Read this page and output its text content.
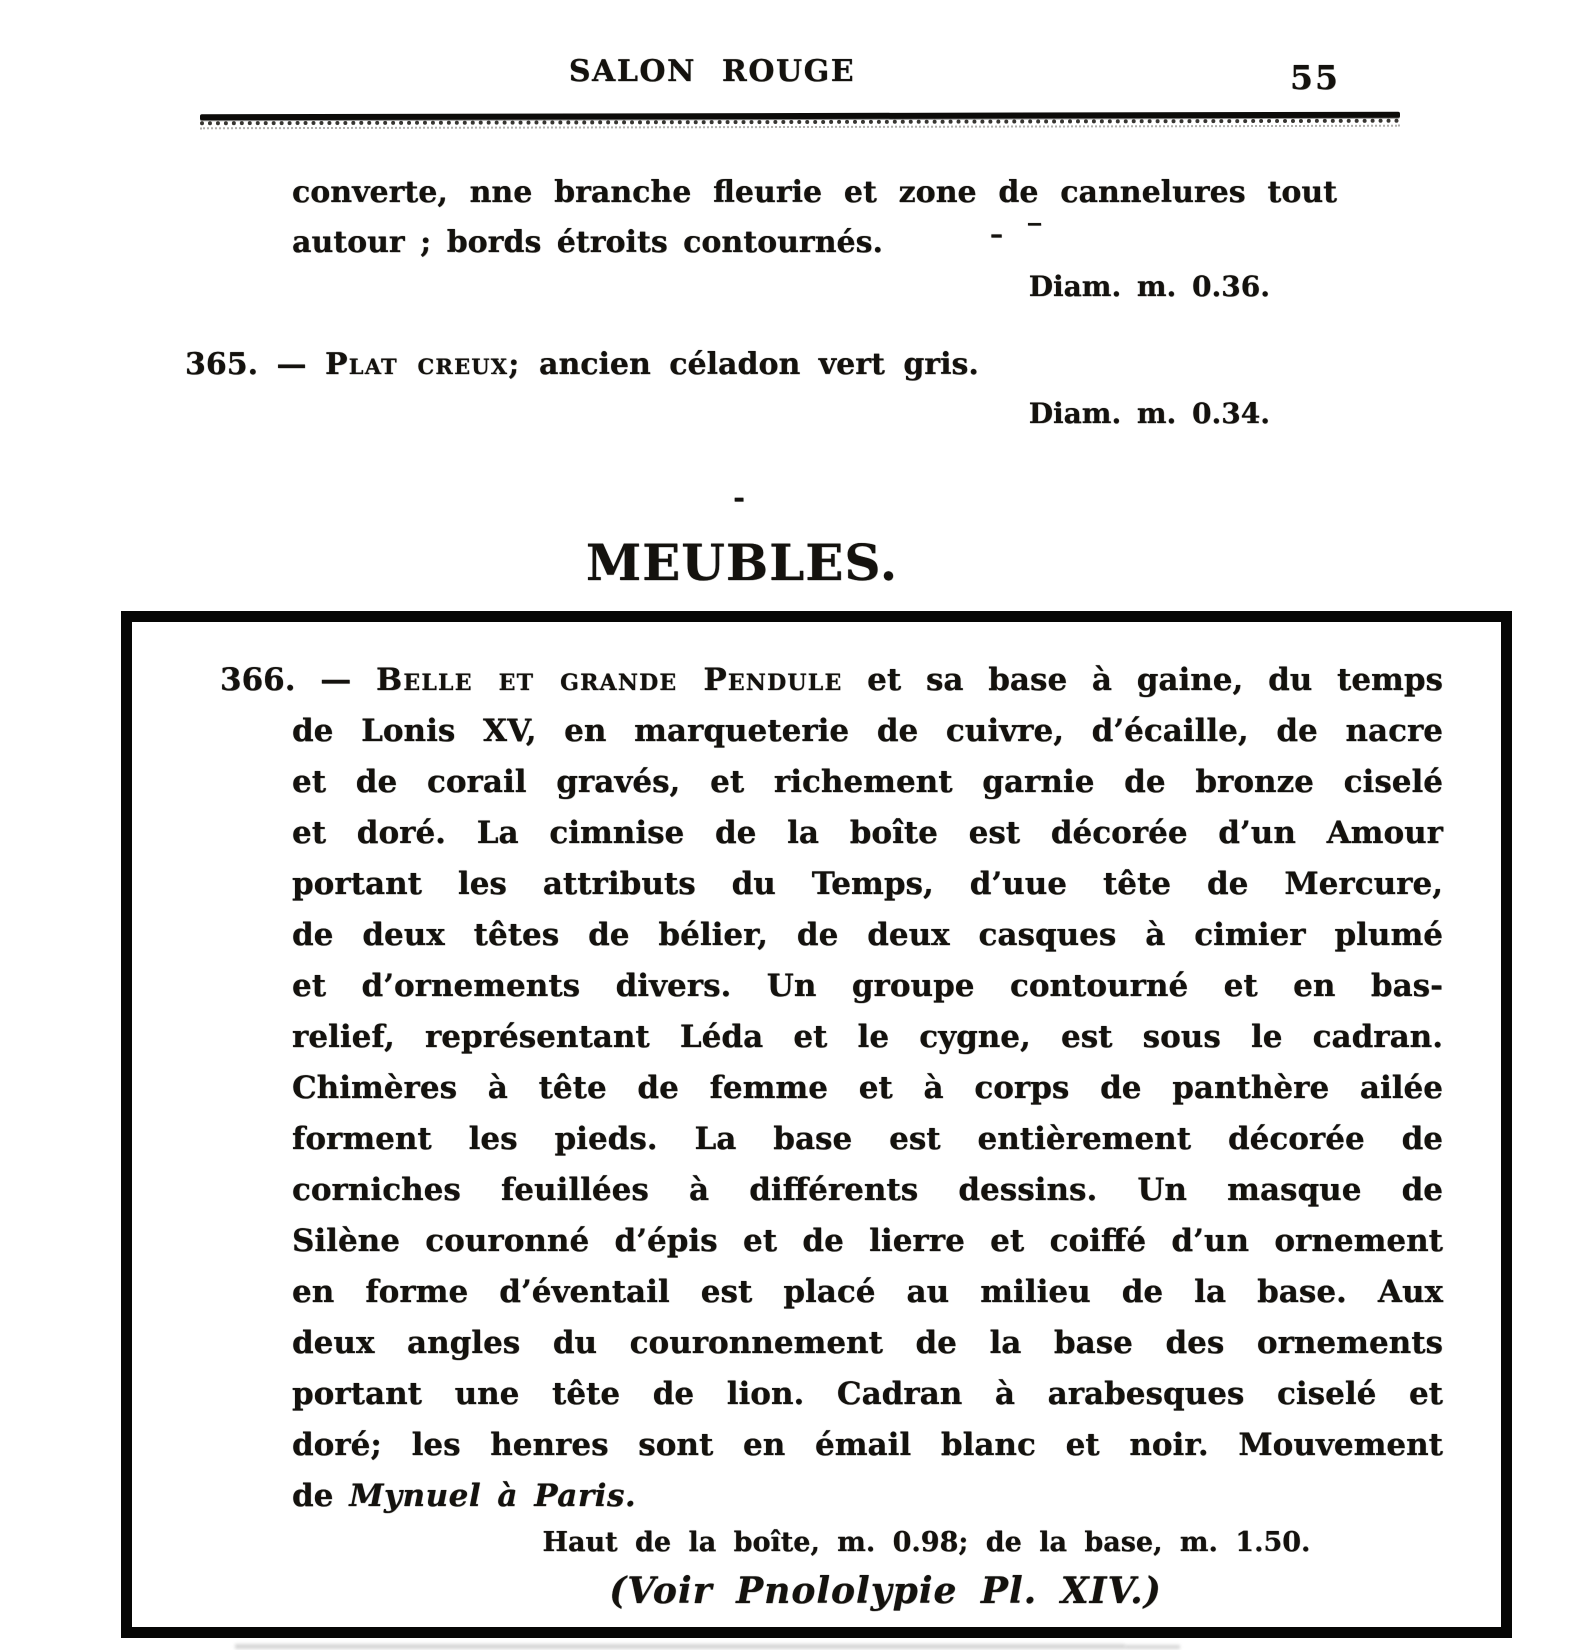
SALON ROUGE	55
converte, nne branche fleurie et zone de cannelures tout
autour ; bords étroits contournés.	– ‾
Diam. m. 0.36.
365. — Plat creux; ancien céladon vert gris.
Diam. m. 0.34.
-
MEUBLES.
366. — Belle et grande Pendule et sa base à gaine, du temps
de Lonis XV, en marqueterie de cuivre, d’écaille, de nacre
et de corail gravés, et richement garnie de bronze ciselé
et doré. La cimnise de la boîte est décorée d’un Amour
portant les attributs du Temps, d’uue tête de Mercure,
de deux têtes de bélier, de deux casques à cimier plumé
et d’ornements divers. Un groupe contourné et en bas-
relief, représentant Léda et le cygne, est sous le cadran.
Chimères à tête de femme et à corps de panthère ailée
forment les pieds. La base est entièrement décorée de
corniches feuillées à différents dessins. Un masque de
Silène couronné d’épis et de lierre et coiffé d’un ornement
en forme d’éventail est placé au milieu de la base. Aux
deux angles du couronnement de la base des ornements
portant une tête de lion. Cadran à arabesques ciselé et
doré; les henres sont en émail blanc et noir. Mouvement
de Mynuel à Paris.
Haut de la boîte, m. 0.98; de la base, m. 1.50.
(Voir Pnololypie Pl. XIV.)
